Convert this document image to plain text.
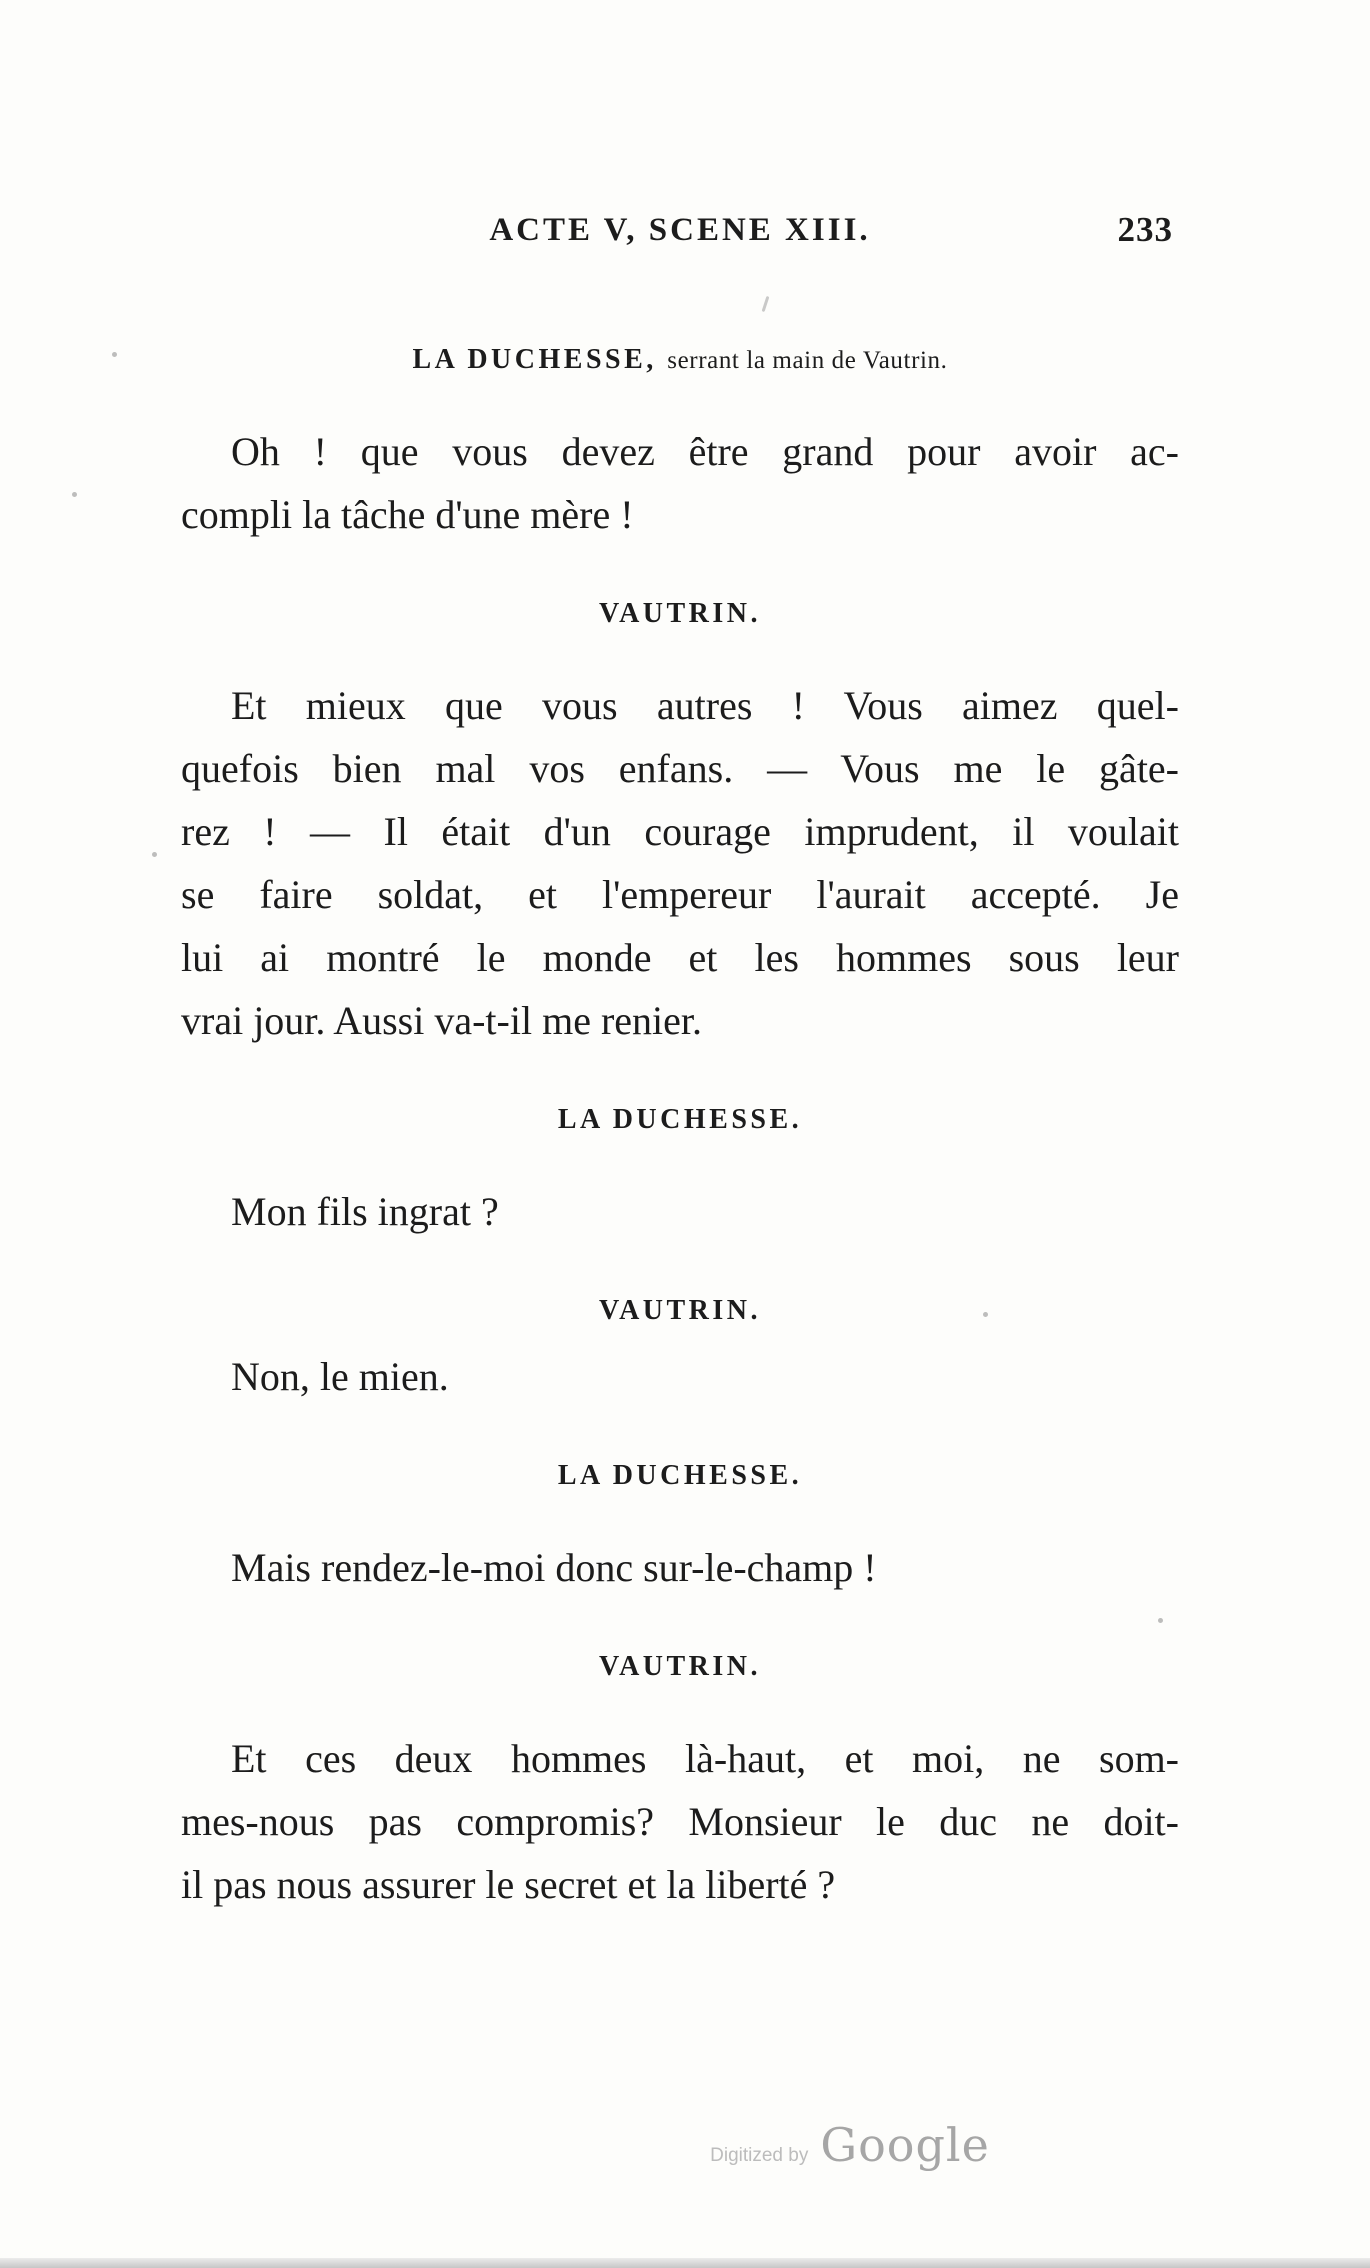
ACTE V, SCENE XIII.	233
LA DUCHESSE, serrant la main de Vautrin.

Oh ! que vous devez être grand pour avoir ac-
compli la tâche d'une mère !

VAUTRIN.

Et mieux que vous autres ! Vous aimez quel-
quefois bien mal vos enfans. — Vous me le gâte-
rez ! — Il était d'un courage imprudent, il voulait
se faire soldat, et l'empereur l'aurait accepté. Je
lui ai montré le monde et les hommes sous leur
vrai jour. Aussi va-t-il me renier.

LA DUCHESSE.

Mon fils ingrat ?

VAUTRIN.

Non, le mien.

LA DUCHESSE.

Mais rendez-le-moi donc sur-le-champ !

VAUTRIN.

Et ces deux hommes là-haut, et moi, ne som-
mes-nous pas compromis? Monsieur le duc ne doit-
il pas nous assurer le secret et la liberté ?

Digitized by Google
